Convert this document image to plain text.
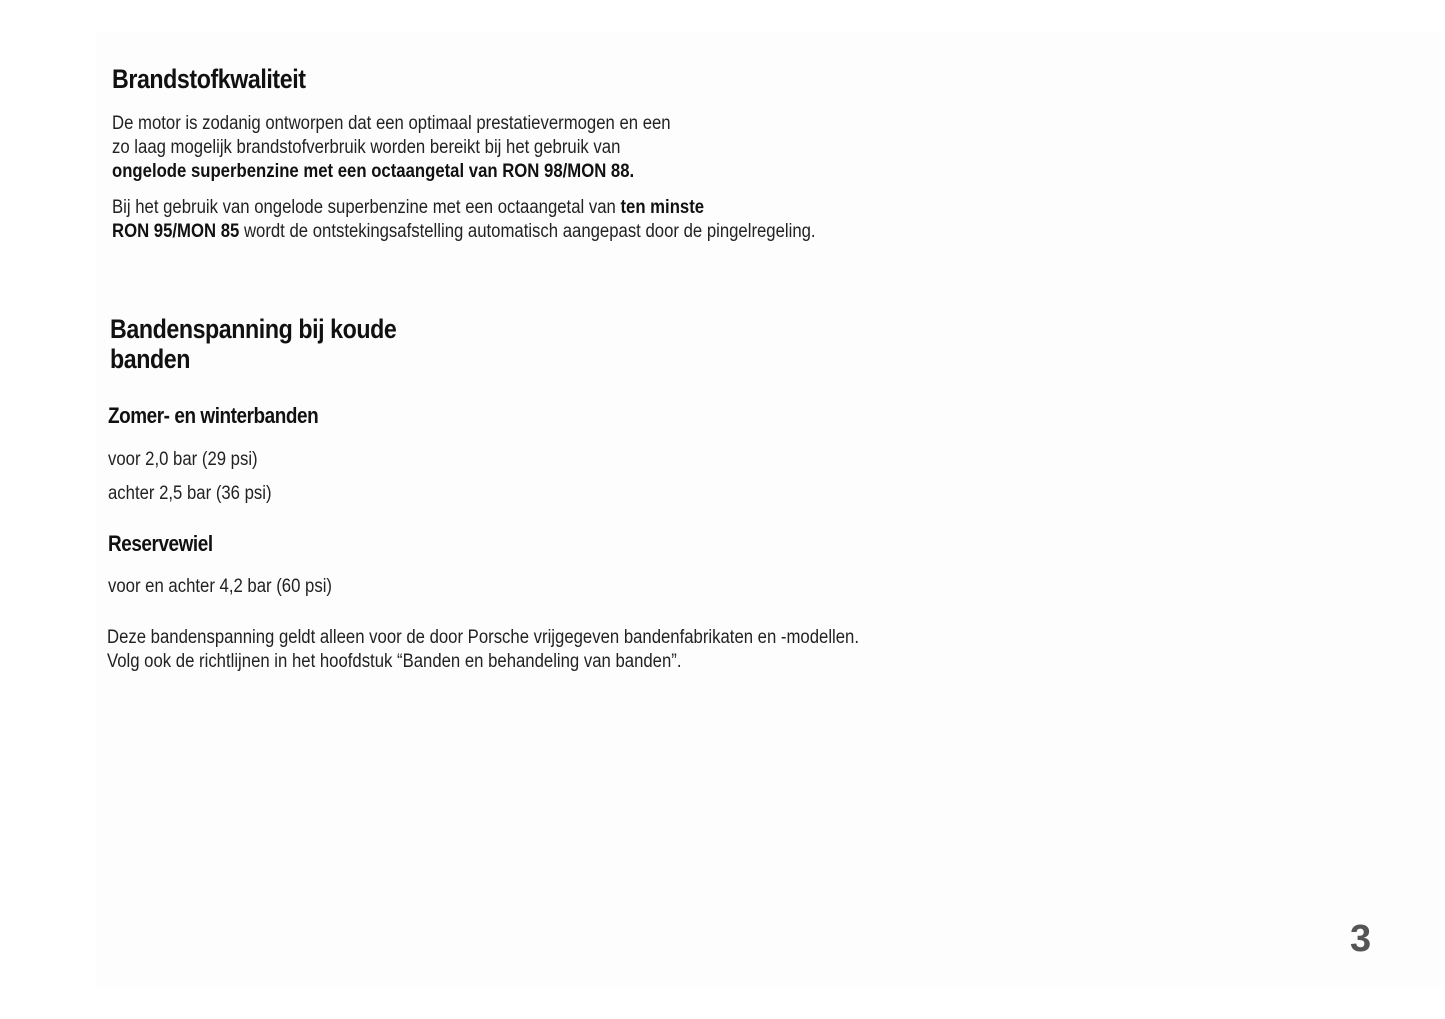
Brandstofkwaliteit

De motor is zodanig ontworpen dat een optimaal prestatievermogen en een
zo laag mogelijk brandstofverbruik worden bereikt bij het gebruik van
ongelode superbenzine met een octaangetal van RON 98/MON 88.

Bij het gebruik van ongelode superbenzine met een octaangetal van ten minste
RON 95/MON 85 wordt de ontstekingsafstelling automatisch aangepast door de pingelregeling.

Bandenspanning bij koude
banden
Zomer- en winterbanden

voor 2,0 bar (29 psi)

achter 2,5 bar (36 psi)

Reservewiel

voor en achter 4,2 bar (60 psi)

Deze bandenspanning geldt alleen voor de door Porsche vrijgegeven bandenfabrikaten en -modellen.
Volg ook de richtlijnen in het hoofdstuk “Banden en behandeling van banden”.

3
